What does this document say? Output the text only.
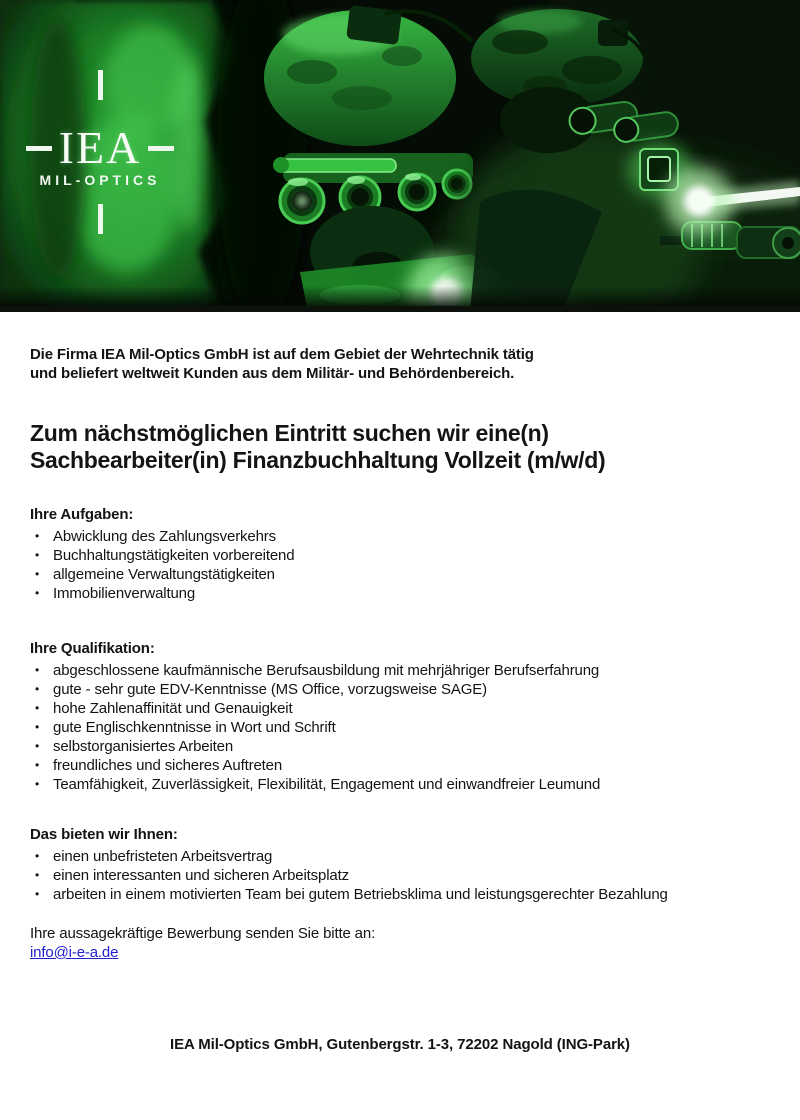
IEA
MIL-OPTICS

Die Firma IEA Mil-Optics GmbH ist auf dem Gebiet der Wehrtechnik tätig
und beliefert weltweit Kunden aus dem Militär- und Behördenbereich.

Zum nächstmöglichen Eintritt suchen wir eine(n)
Sachbearbeiter(in) Finanzbuchhaltung Vollzeit (m/w/d)
Ihre Aufgaben:
• Abwicklung des Zahlungsverkehrs
• Buchhaltungstätigkeiten vorbereitend
• allgemeine Verwaltungstätigkeiten
• Immobilienverwaltung
Ihre Qualifikation:
• abgeschlossene kaufmännische Berufsausbildung mit mehrjähriger Berufserfahrung
• gute - sehr gute EDV-Kenntnisse (MS Office, vorzugsweise SAGE)
• hohe Zahlenaffinität und Genauigkeit
• gute Englischkenntnisse in Wort und Schrift
• selbstorganisiertes Arbeiten
• freundliches und sicheres Auftreten
• Teamfähigkeit, Zuverlässigkeit, Flexibilität, Engagement und einwandfreier Leumund
Das bieten wir Ihnen:
• einen unbefristeten Arbeitsvertrag
• einen interessanten und sicheren Arbeitsplatz
• arbeiten in einem motivierten Team bei gutem Betriebsklima und leistungsgerechter Bezahlung
Ihre aussagekräftige Bewerbung senden Sie bitte an:
info@i-e-a.de
IEA Mil-Optics GmbH, Gutenbergstr. 1-3, 72202 Nagold (ING-Park)
